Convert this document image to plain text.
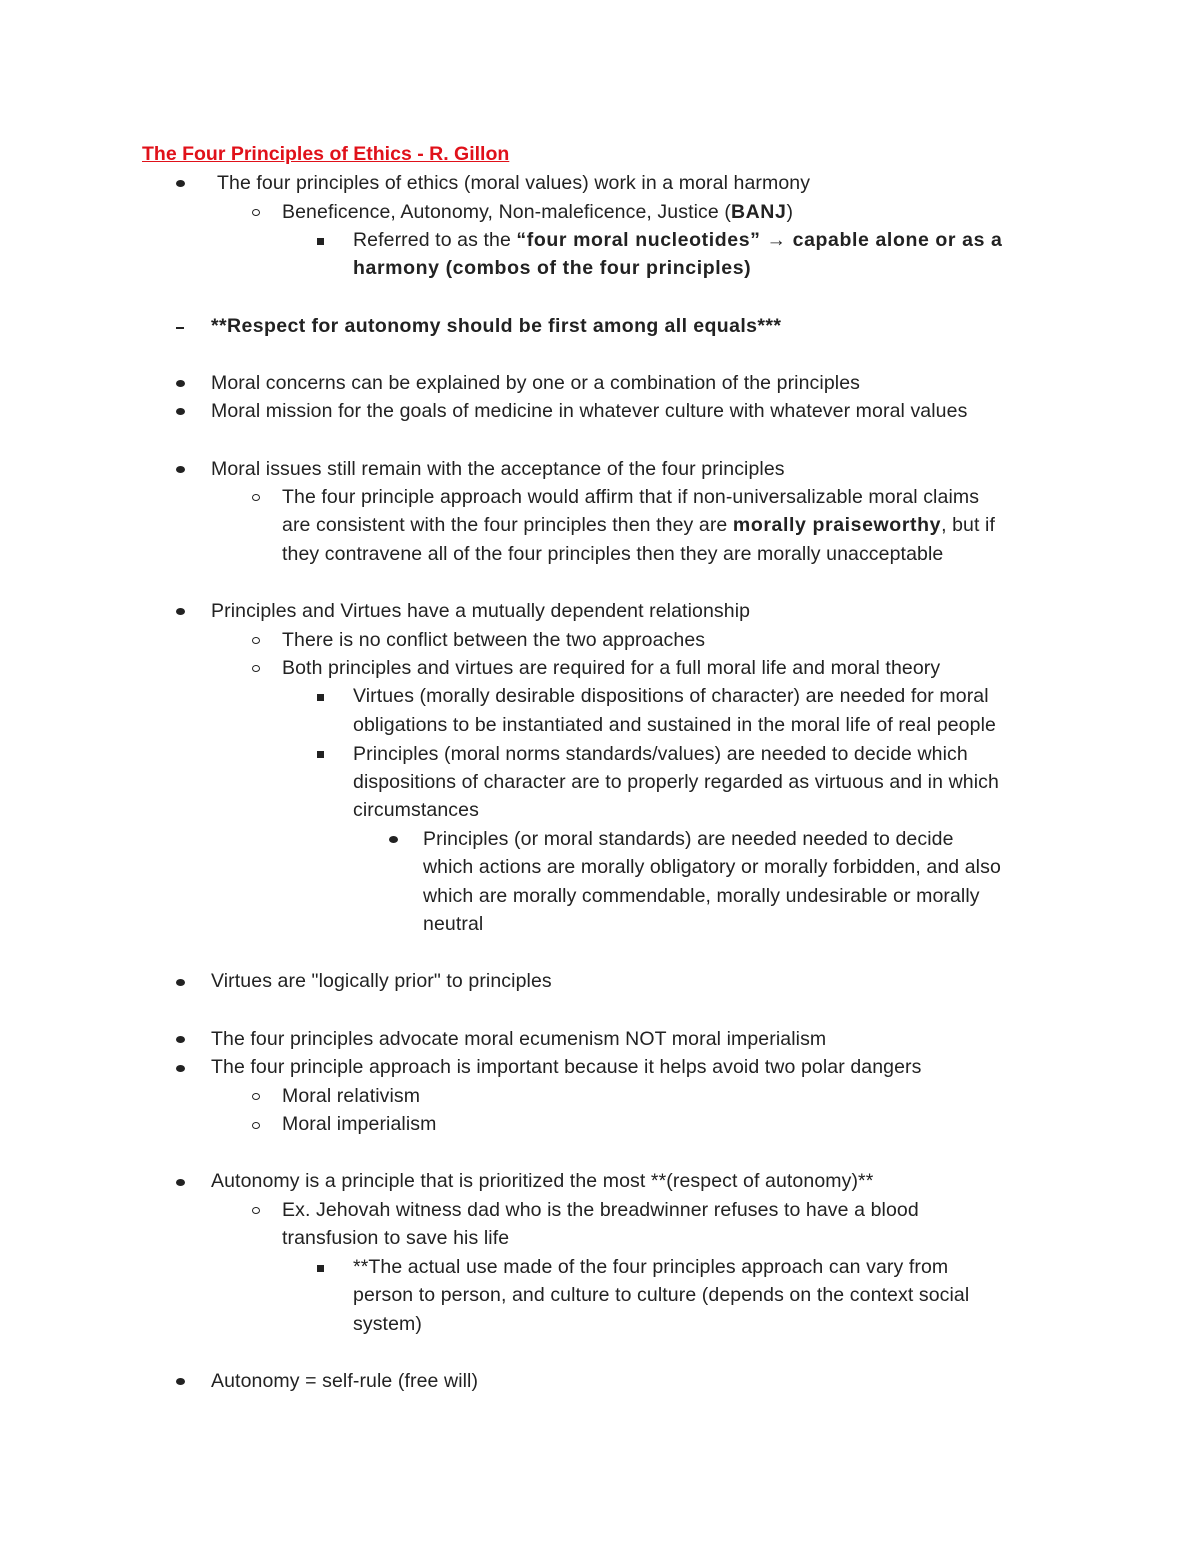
The Four Principles of Ethics - R. Gillon
The four principles of ethics (moral values) work in a moral harmony
Beneficence, Autonomy, Non-maleficence, Justice (BANJ)
Referred to as the “four moral nucleotides” → capable alone or as a
harmony (combos of the four principles)
**Respect for autonomy should be first among all equals***
Moral concerns can be explained by one or a combination of the principles
Moral mission for the goals of medicine in whatever culture with whatever moral values
Moral issues still remain with the acceptance of the four principles
The four principle approach would affirm that if non-universalizable moral claims
are consistent with the four principles then they are morally praiseworthy, but if
they contravene all of the four principles then they are morally unacceptable
Principles and Virtues have a mutually dependent relationship
There is no conflict between the two approaches
Both principles and virtues are required for a full moral life and moral theory
Virtues (morally desirable dispositions of character) are needed for moral
obligations to be instantiated and sustained in the moral life of real people
Principles (moral norms standards/values) are needed to decide which
dispositions of character are to properly regarded as virtuous and in which
circumstances
Principles (or moral standards) are needed needed to decide
which actions are morally obligatory or morally forbidden, and also
which are morally commendable, morally undesirable or morally
neutral
Virtues are "logically prior" to principles
The four principles advocate moral ecumenism NOT moral imperialism
The four principle approach is important because it helps avoid two polar dangers
Moral relativism
Moral imperialism
Autonomy is a principle that is prioritized the most **(respect of autonomy)**
Ex. Jehovah witness dad who is the breadwinner refuses to have a blood
transfusion to save his life
**The actual use made of the four principles approach can vary from
person to person, and culture to culture (depends on the context social
system)
Autonomy = self-rule (free will)
